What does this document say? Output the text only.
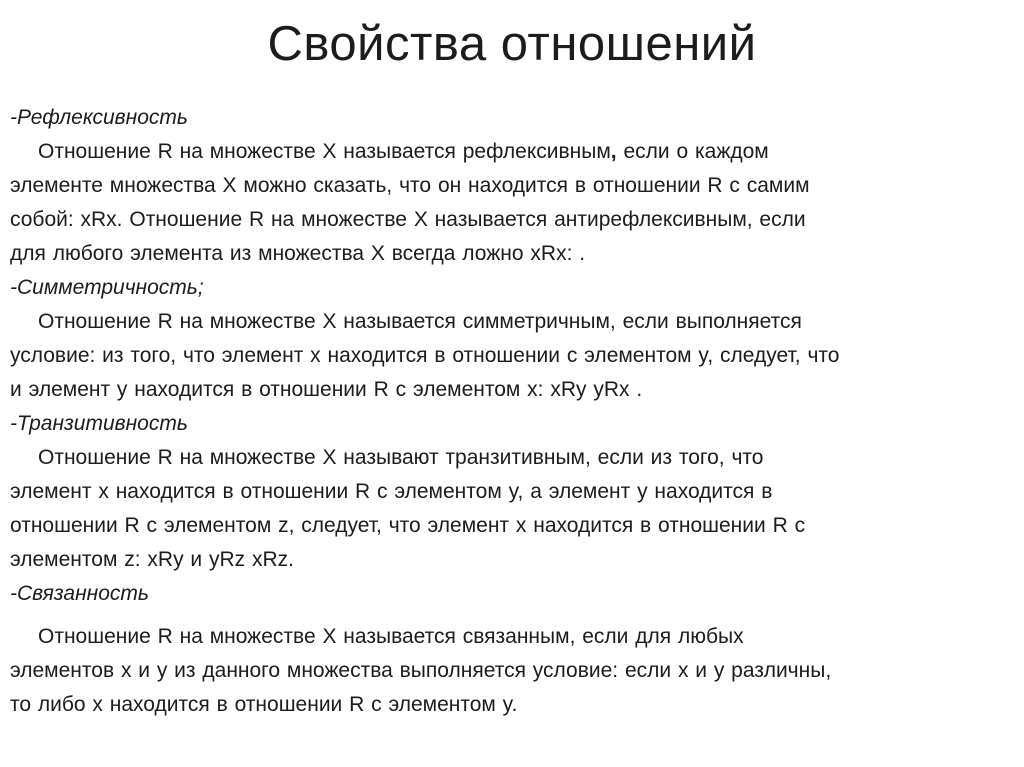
Свойства отношений
-Рефлексивность
Отношение R на множестве X называется рефлексивным, если о каждом
элементе множества X можно сказать, что он находится в отношении R с самим
собой: xRx. Отношение R на множестве X называется антирефлексивным, если
для любого элемента из множества X всегда ложно xRx: .
-Симметричность;
Отношение R на множестве X называется симметричным, если выполняется
условие: из того, что элемент x находится в отношении с элементом y, следует, что
и элемент y находится в отношении R с элементом x: xRy yRx .
-Транзитивность
Отношение R на множестве X называют транзитивным, если из того, что
элемент x находится в отношении R с элементом y, а элемент y находится в
отношении R с элементом z, следует, что элемент x находится в отношении R с
элементом z: xRy и yRz xRz.
-Связанность
Отношение R на множестве X называется связанным, если для любых
элементов x и y из данного множества выполняется условие: если x и y различны,
то либо x находится в отношении R с элементом y.
